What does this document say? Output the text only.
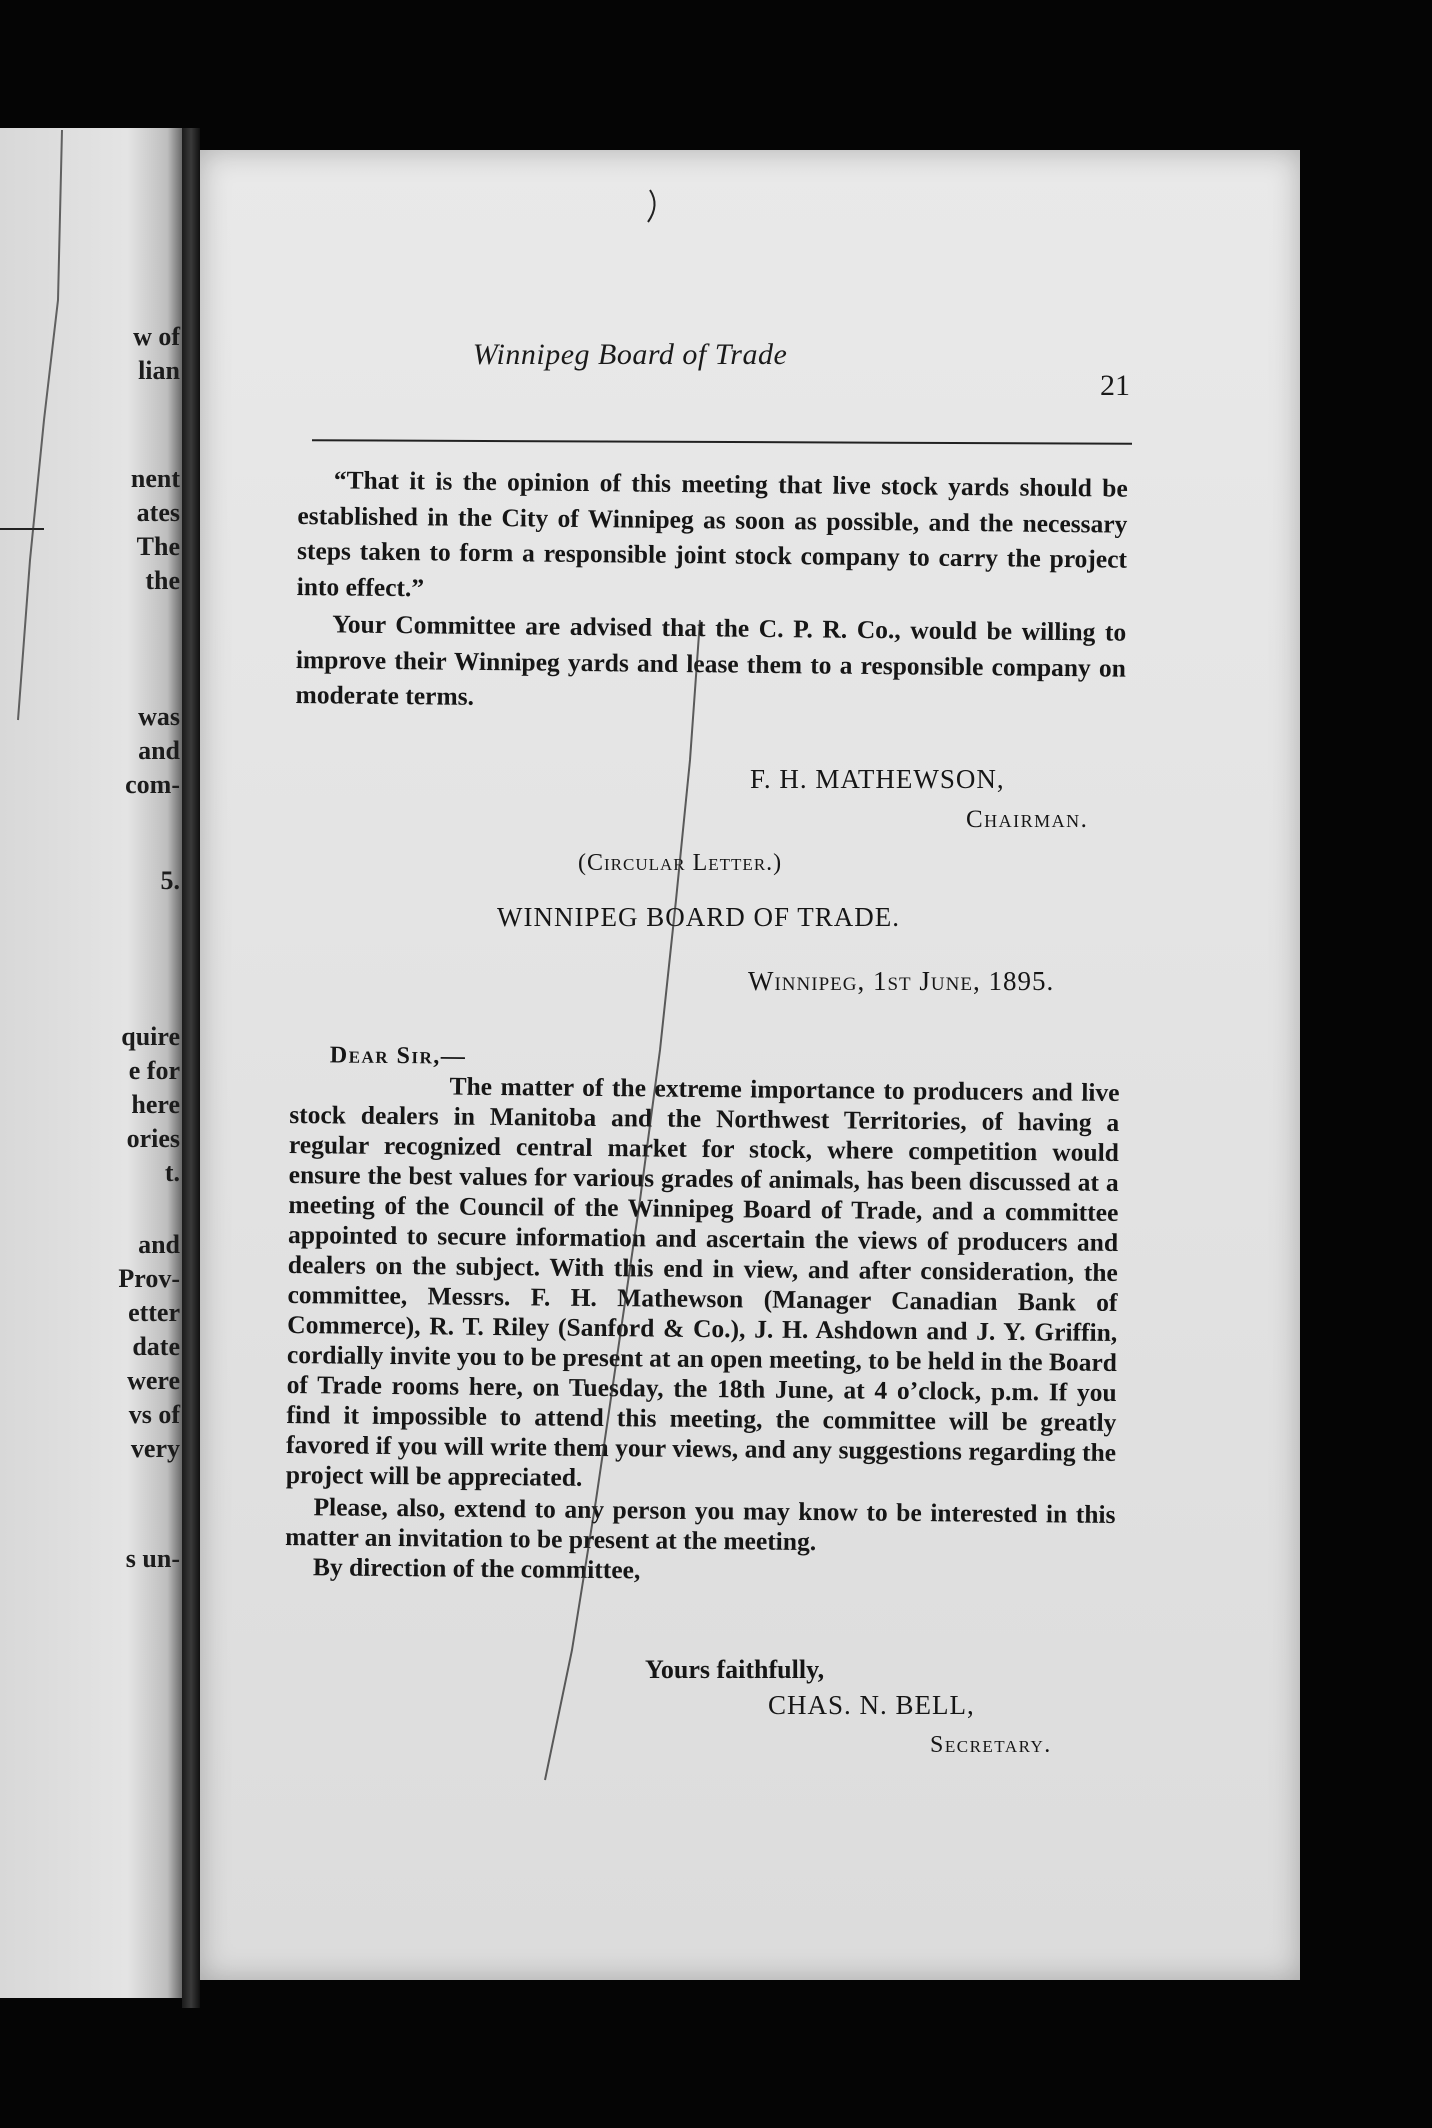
w of
lian
nent
ates
The
the
was
and
com-
5.
quire
e for
here
ories
t.
and
Prov-
etter
date
were
vs of
very
s un-
Winnipeg Board of Trade
21

“That it is the opinion of this meeting that live stock yards should be established in the City of Winnipeg as soon as possible, and the necessary steps taken to form a responsible joint stock company to carry the project into effect.”

Your Committee are advised that the C. P. R. Co., would be willing to improve their Winnipeg yards and lease them to a responsible company on moderate terms.

F. H. MATHEWSON,
Chairman.
(Circular Letter.)
WINNIPEG BOARD OF TRADE.
Winnipeg, 1st June, 1895.

Dear Sir,—

The matter of the extreme importance to producers and live stock dealers in Manitoba and the Northwest Territories, of having a regular recognized central market for stock, where competition would ensure the best values for various grades of animals, has been discussed at a meeting of the Council of the Winnipeg Board of Trade, and a committee appointed to secure information and ascertain the views of producers and dealers on the subject. With this end in view, and after consideration, the committee, Messrs. F. H. Mathewson (Manager Canadian Bank of Commerce), R. T. Riley (Sanford & Co.), J. H. Ashdown and J. Y. Griffin, cordially invite you to be present at an open meeting, to be held in the Board of Trade rooms here, on Tuesday, the 18th June, at 4 o’clock, p.m. If you find it impossible to attend this meeting, the committee will be greatly favored if you will write them your views, and any suggestions regarding the project will be appreciated.

Please, also, extend to any person you may know to be interested in this matter an invitation to be present at the meeting.

By direction of the committee,

Yours faithfully,
CHAS. N. BELL,
Secretary.
